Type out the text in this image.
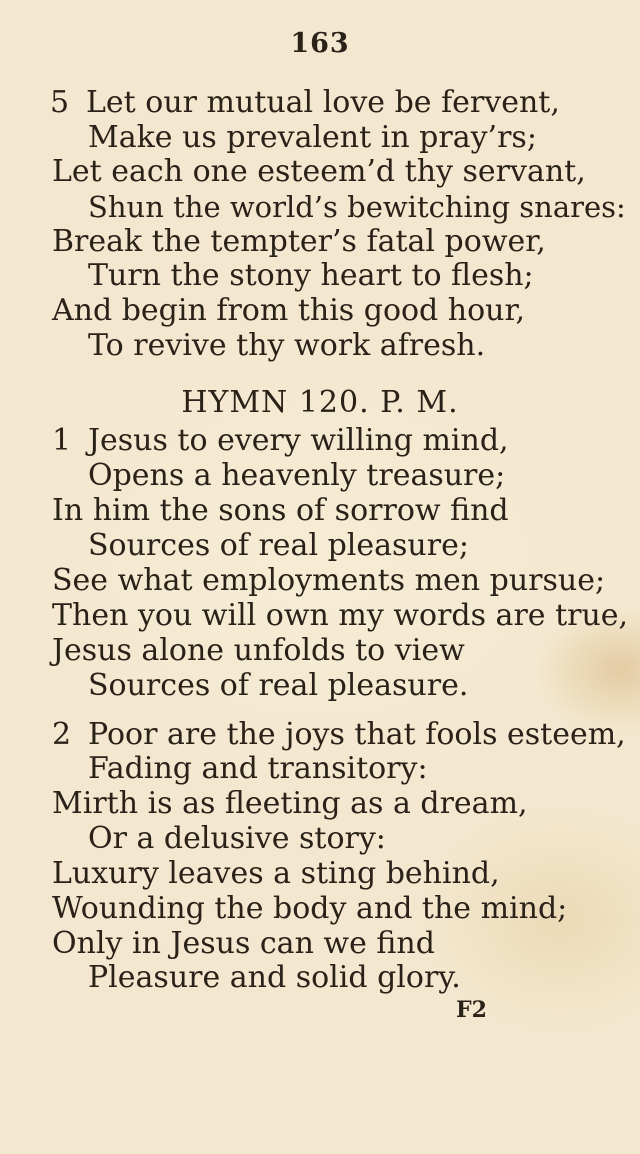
163
5 Let our mutual love be fervent,
Make us prevalent in pray’rs;
Let each one esteem’d thy servant,
Shun the world’s bewitching snares:
Break the tempter’s fatal power,
Turn the stony heart to flesh;
And begin from this good hour,
To revive thy work afresh.
HYMN 120. P. M.
1 Jesus to every willing mind,
Opens a heavenly treasure;
In him the sons of sorrow find
Sources of real pleasure;
See what employments men pursue;
Then you will own my words are true,
Jesus alone unfolds to view
Sources of real pleasure.
2 Poor are the joys that fools esteem,
Fading and transitory:
Mirth is as fleeting as a dream,
Or a delusive story:
Luxury leaves a sting behind,
Wounding the body and the mind;
Only in Jesus can we find
Pleasure and solid glory.
F2
